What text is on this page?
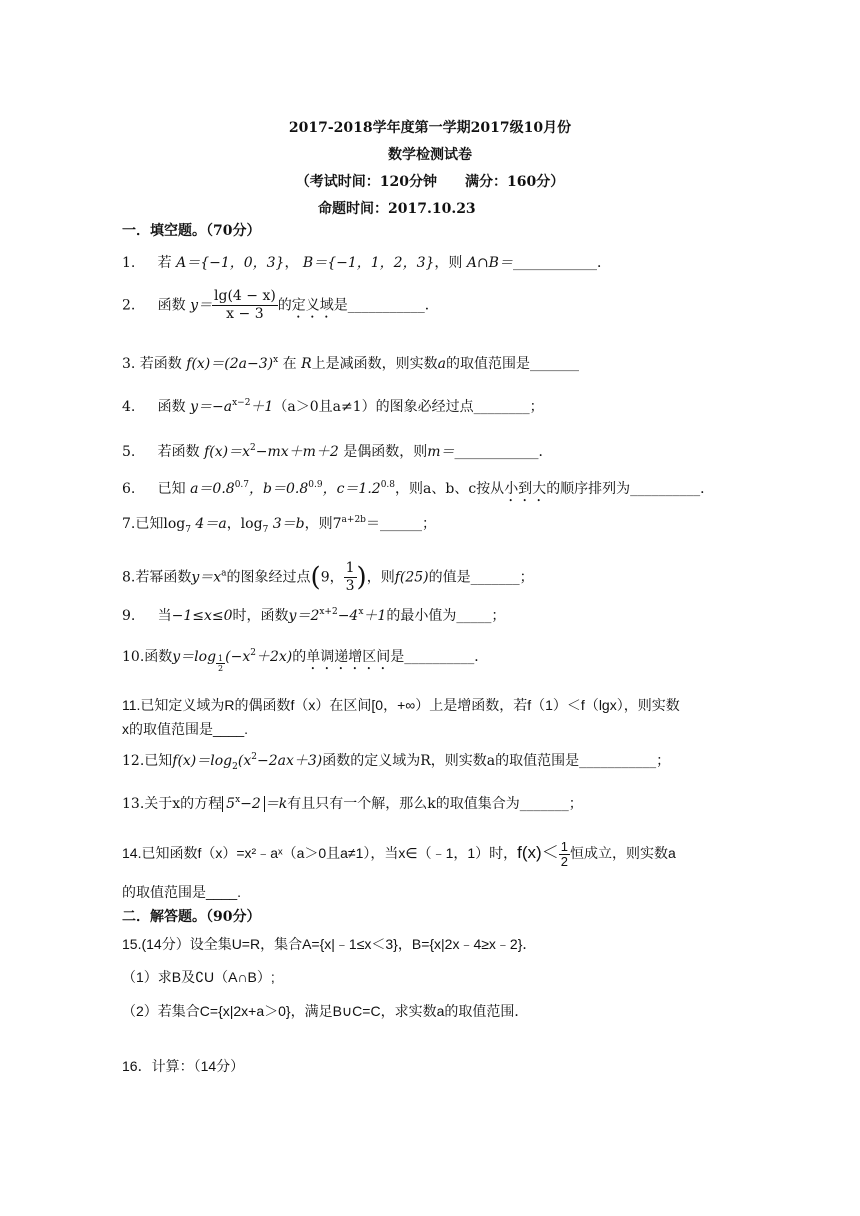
2017-2018学年度第一学期2017级10月份
数学检测试卷
（考试时间：120分钟　　满分：160分）
命题时间：2017.10.23
一．填空题。（70分）
1. 若 A＝{−1，0，3}， B＝{−1，1，2，3}，则 A∩B＝____________．
2. 函数 $y= \frac{\lg(4 - x)}{x - 3}$ 的定义域是___________．
3. 若函数 $f(x)=(2a-3)^x$ 在 R上是减函数，则实数a的取值范围是_______
4. 函数 $y=-a^{x-2}+1(a>0$且a≠1）的图象必经过点________；
5. 若函数 $f(x)=x^2-mx+m+2$ 是偶函数，则m＝____________．
6. 已知 $a=0.8^{0.7}$，$b=0.8^{0.9}$，$c=1.2^{0.8}$，则a、b、c按从小到大的顺序排列为__________．
7.已知$\log_7 4=a$，$\log_7 3=b$，则$7^{a+2b}=\_\_\_\_\_\_$；
8.若幂函数$y=x^a$的图象经过点(9， $\frac{1}{3}$ )，则f(25)的值是_______；
9. 当−1≤x≤0时，函数$y=2^{x+2}-4^x+1$的最小值为_____；
10.函数$y=\log \frac{1}{2} (-x^2+2x)$的单调递增区间是__________．
11.已知定义域为R的偶函数f（x）在区间[0，+∞）上是增函数，若f（1）＜f（lgx），则实数
x的取值范围是____.
12.已知$f(x)=\log_2(x^2-2ax+3)$函数的定义域为R，则实数a的取值范围是___________；
13.关于x的方程 $5^x-2 =k$有且只有一个解，那么k的取值集合为_______；
14.已知函数f（x）=x²﹣aˣ（a＞0且a≠1），当x∈（﹣1，1）时，$f(x)< \frac{1}{2}$ 恒成立，则实数a
的取值范围是____.
二．解答题。（90分）
15.(14分）设全集U=R，集合A={x|﹣1≤x＜3}，B={x|2x﹣4≥x﹣2}．
（1）求B及∁U（A∩B）;
（2）若集合C={x|2x+a＞0}，满足B∪C=C，求实数a的取值范围．
16．计算：（14分）
